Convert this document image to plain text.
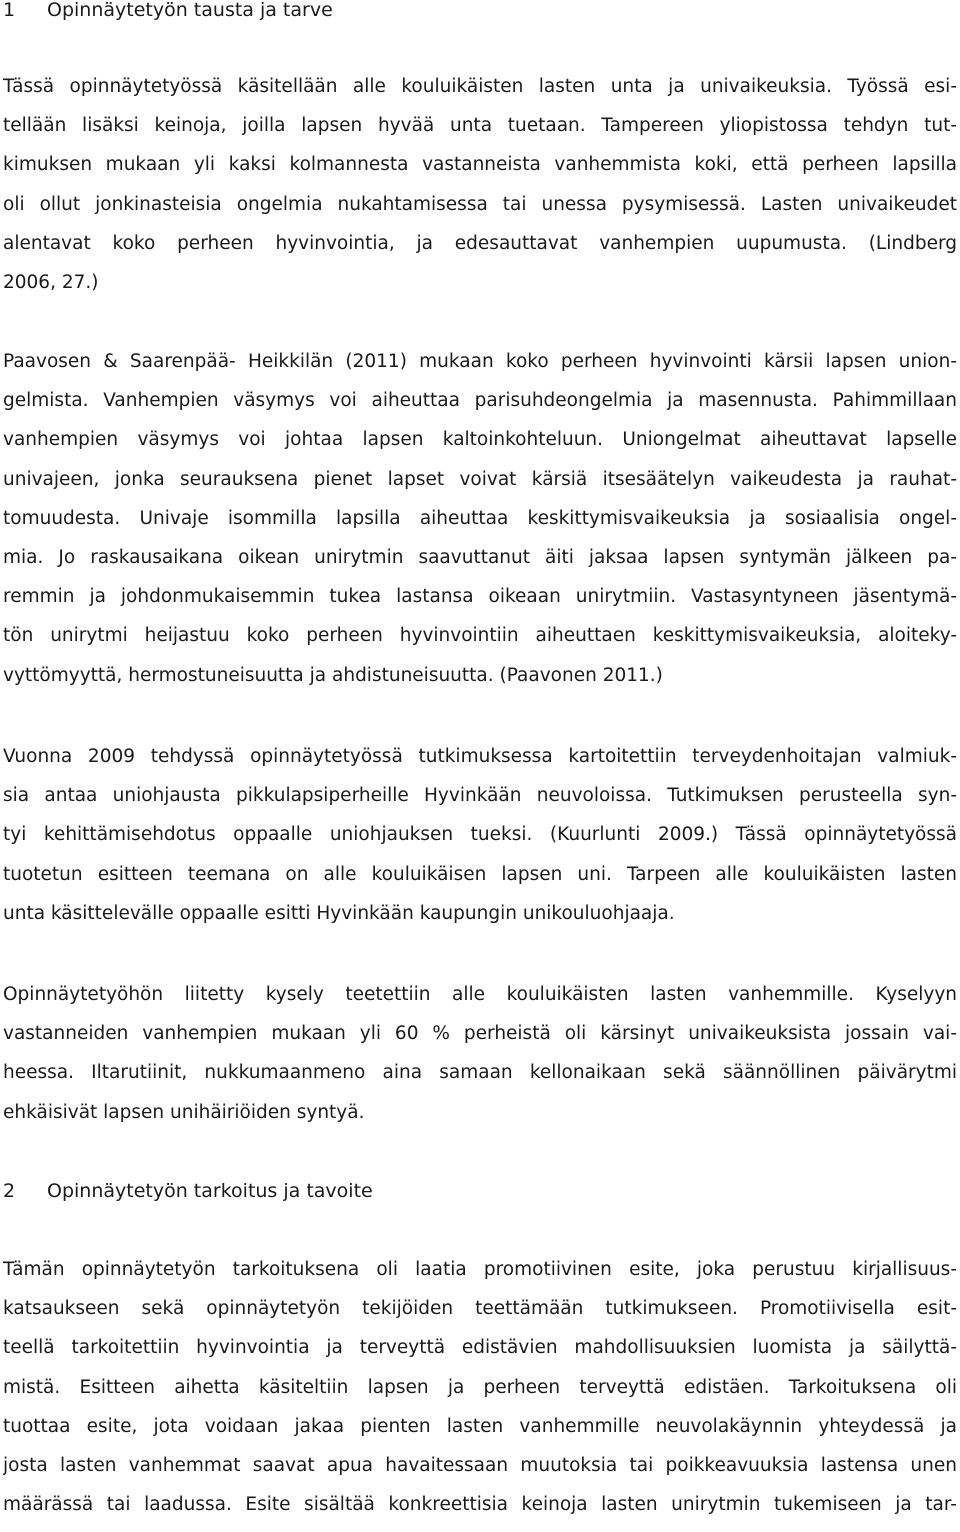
1 Opinnäytetyön tausta ja tarve
Tässä opinnäytetyössä käsitellään alle kouluikäisten lasten unta ja univaikeuksia. Työssä esi-
tellään lisäksi keinoja, joilla lapsen hyvää unta tuetaan. Tampereen yliopistossa tehdyn tut-
kimuksen mukaan yli kaksi kolmannesta vastanneista vanhemmista koki, että perheen lapsilla
oli ollut jonkinasteisia ongelmia nukahtamisessa tai unessa pysymisessä. Lasten univaikeudet
alentavat koko perheen hyvinvointia, ja edesauttavat vanhempien uupumusta. (Lindberg
2006, 27.)
Paavosen & Saarenpää- Heikkilän (2011) mukaan koko perheen hyvinvointi kärsii lapsen union-
gelmista. Vanhempien väsymys voi aiheuttaa parisuhdeongelmia ja masennusta. Pahimmillaan
vanhempien väsymys voi johtaa lapsen kaltoinkohteluun. Uniongelmat aiheuttavat lapselle
univajeen, jonka seurauksena pienet lapset voivat kärsiä itsesäätelyn vaikeudesta ja rauhat-
tomuudesta. Univaje isommilla lapsilla aiheuttaa keskittymisvaikeuksia ja sosiaalisia ongel-
mia. Jo raskausaikana oikean unirytmin saavuttanut äiti jaksaa lapsen syntymän jälkeen pa-
remmin ja johdonmukaisemmin tukea lastansa oikeaan unirytmiin. Vastasyntyneen jäsentymä-
tön unirytmi heijastuu koko perheen hyvinvointiin aiheuttaen keskittymisvaikeuksia, aloiteky-
vyttömyyttä, hermostuneisuutta ja ahdistuneisuutta. (Paavonen 2011.)
Vuonna 2009 tehdyssä opinnäytetyössä tutkimuksessa kartoitettiin terveydenhoitajan valmiuk-
sia antaa uniohjausta pikkulapsiperheille Hyvinkään neuvoloissa. Tutkimuksen perusteella syn-
tyi kehittämisehdotus oppaalle uniohjauksen tueksi. (Kuurlunti 2009.) Tässä opinnäytetyössä
tuotetun esitteen teemana on alle kouluikäisen lapsen uni. Tarpeen alle kouluikäisten lasten
unta käsittelevälle oppaalle esitti Hyvinkään kaupungin unikouluohjaaja.
Opinnäytetyöhön liitetty kysely teetettiin alle kouluikäisten lasten vanhemmille. Kyselyyn
vastanneiden vanhempien mukaan yli 60 % perheistä oli kärsinyt univaikeuksista jossain vai-
heessa. Iltarutiinit, nukkumaanmeno aina samaan kellonaikaan sekä säännöllinen päivärytmi
ehkäisivät lapsen unihäiriöiden syntyä.
2 Opinnäytetyön tarkoitus ja tavoite
Tämän opinnäytetyön tarkoituksena oli laatia promotiivinen esite, joka perustuu kirjallisuus-
katsaukseen sekä opinnäytetyön tekijöiden teettämään tutkimukseen. Promotiivisella esit-
teellä tarkoitettiin hyvinvointia ja terveyttä edistävien mahdollisuuksien luomista ja säilyttä-
mistä. Esitteen aihetta käsiteltiin lapsen ja perheen terveyttä edistäen. Tarkoituksena oli
tuottaa esite, jota voidaan jakaa pienten lasten vanhemmille neuvolakäynnin yhteydessä ja
josta lasten vanhemmat saavat apua havaitessaan muutoksia tai poikkeavuuksia lastensa unen
määrässä tai laadussa. Esite sisältää konkreettisia keinoja lasten unirytmin tukemiseen ja tar-
